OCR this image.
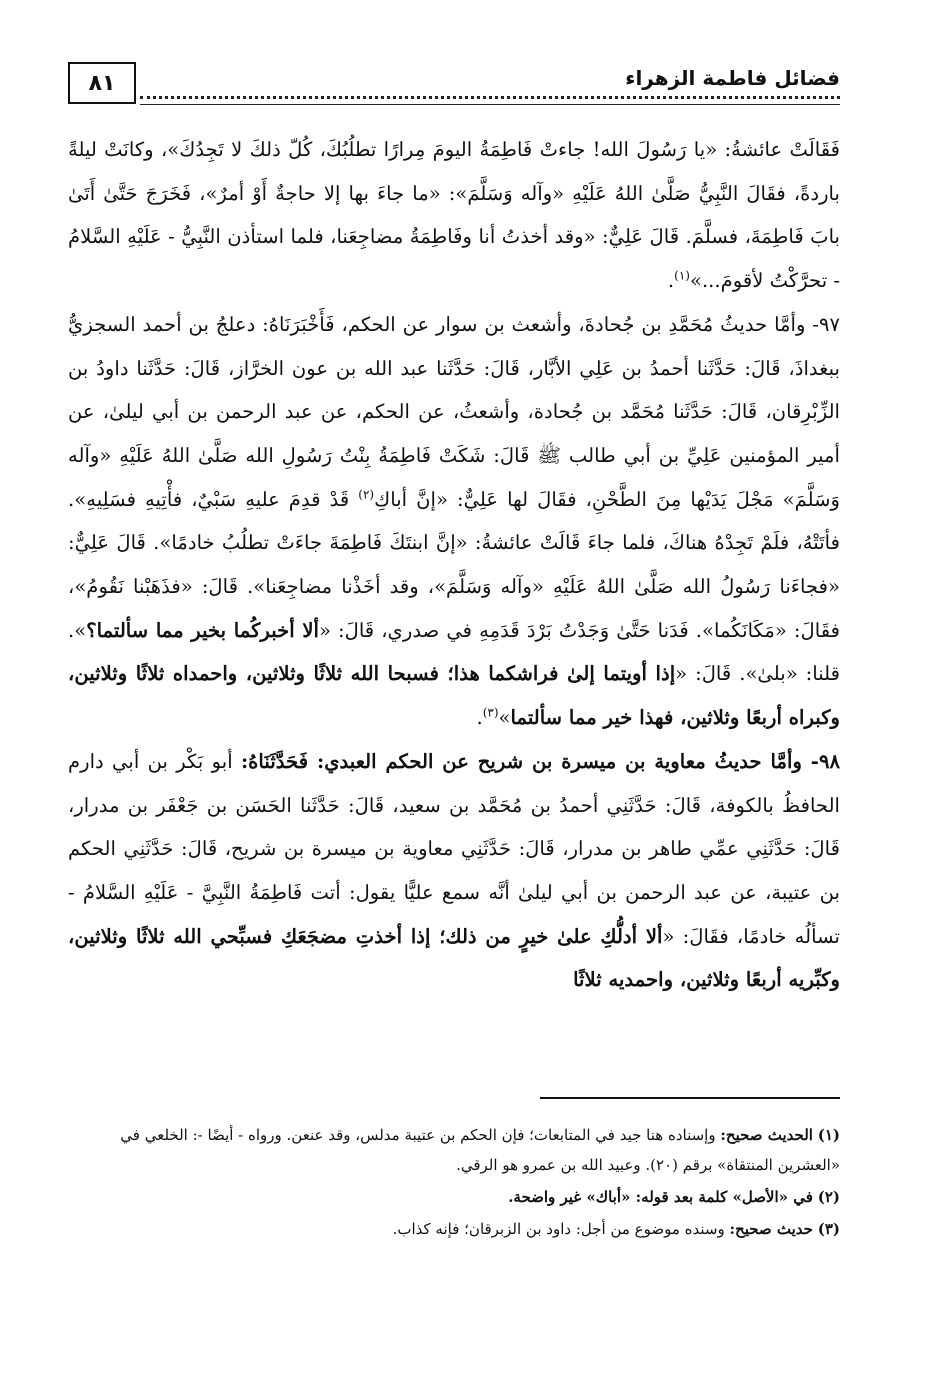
فضائل فاطمة الزهراء
٨١

فَقَالَتْ عائشةُ: «يا رَسُولَ الله! جاءتْ فَاطِمَةُ اليومَ مِرارًا تطلُبُكَ، كُلّ ذلكَ لا تَجِدُكَ»، وكانَتْ ليلةً باردةً، فقَالَ النَّبِيُّ صَلَّىٰ اللهُ عَلَيْهِ «وآله وَسَلَّمَ»: «ما جاءَ بها إلا حاجةٌ أَوْ أمرٌ»، فَخَرَجَ حَتَّىٰ أَتَىٰ بابَ فَاطِمَةَ، فسلَّمَ. قَالَ عَلِيٌّ: «وقد أخذتُ أنا وفَاطِمَةُ مضاجِعَنا، فلما استأذن النَّبِيُّ - عَلَيْهِ السَّلامُ - تحرَّكْتُ لأقومَ...»$^{(١)}$.

٩٧- وأمَّا حديثُ مُحَمَّدِ بن جُحادةَ، وأشعث بن سوار عن الحكم، فَأَخْبَرَنَاهُ: دعلجُ بن أحمد السجزيُّ ببغداذَ، قَالَ: حَدَّثَنا أحمدُ بن عَلِي الأبَّار، قَالَ: حَدَّثَنا عبد الله بن عون الخرَّاز، قَالَ: حَدَّثَنا داودُ بن الزِّبْرِقان، قَالَ: حَدَّثَنا مُحَمَّد بن جُحادة، وأشعثُ، عن الحكم، عن عبد الرحمن بن أبي ليلىٰ، عن أمير المؤمنين عَلِيِّ بن أبي طالب ﷺ قَالَ: شَكَتْ فَاطِمَةُ بِنْتُ رَسُولِ الله صَلَّىٰ اللهُ عَلَيْهِ «وآله وَسَلَّمَ» مَجْلَ يَدَيْها مِنَ الطَّحْنِ، فقَالَ لها عَلِيٌّ: «إنَّ أباكِ$^{(٢)}$ قَدْ قدِمَ عليهِ سَبْيٌ، فأْتِيهِ فسَلِيهِ». فأتَتْهُ، فلَمْ تَجِدْهُ هناكَ، فلما جاءَ قَالَتْ عائشةُ: «إنَّ ابنتَكَ فَاطِمَةَ جاءَتْ تطلُبُ خادمًا». قَالَ عَلِيٌّ: «فجاءَنا رَسُولُ الله صَلَّىٰ اللهُ عَلَيْهِ «وآله وَسَلَّمَ»، وقد أخَذْنا مضاجِعَنا». قَالَ: «فذَهَبْنا نَقُومُ»، فقَالَ: «مَكَانَكُما». فَدَنا حَتَّىٰ وَجَدْتُ بَرْدَ قَدَمِهِ في صدري، قَالَ: «ألا أخبركُما بخير مما سألتما؟». قلنا: «بلىٰ». قَالَ: «إذا أويتما إلىٰ فراشكما هذا؛ فسبحا الله ثلاثًا وثلاثين، واحمداه ثلاثًا وثلاثين، وكبراه أربعًا وثلاثين، فهذا خير مما سألتما»$^{(٣)}$.

٩٨- وأمَّا حديثُ معاوية بن ميسرة بن شريح عن الحكم العبدي: فَحَدَّثَنَاهُ: أبو بَكْر بن أبي دارم الحافظُ بالكوفة، قَالَ: حَدَّثَنِي أحمدُ بن مُحَمَّد بن سعيد، قَالَ: حَدَّثَنا الحَسَن بن جَعْفَر بن مدرار، قَالَ: حَدَّثَنِي عمِّي طاهر بن مدرار، قَالَ: حَدَّثَنِي معاوية بن ميسرة بن شريح، قَالَ: حَدَّثَنِي الحكم بن عتيبة، عن عبد الرحمن بن أبي ليلىٰ أنَّه سمع عليًّا يقول: أتت فَاطِمَةُ النَّبِيَّ - عَلَيْهِ السَّلامُ - تسألُه خادمًا، فقَالَ: «ألا أدلُّكِ علىٰ خيرٍ من ذلك؛ إذا أخذتِ مضجَعَكِ فسبِّحي الله ثلاثًا وثلاثين، وكبِّريه أربعًا وثلاثين، واحمديه ثلاثًا

(١) الحديث صحيح: وإسناده هنا جيد في المتابعات؛ فإن الحكم بن عتيبة مدلس، وقد عنعن. ورواه - أيضًا -: الخلعي في «العشرين المنتقاة» برقم (٢٠). وعبيد الله بن عمرو هو الرقي.

(٢) في «الأصل» كلمة بعد قوله: «أباك» غير واضحة.

(٣) حديث صحيح: وسنده موضوع من أجل: داود بن الزبرقان؛ فإنه كذاب.
